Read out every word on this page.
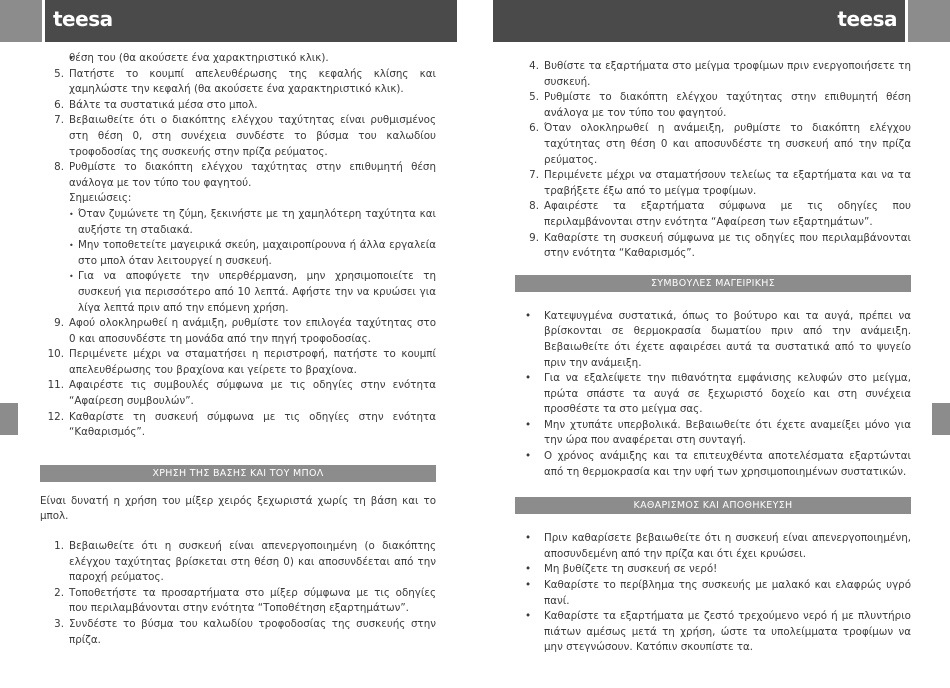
teesa	teesa
• θέση του (θα ακούσετε ένα χαρακτηριστικό κλικ).
5. Πατήστε το κουμπί απελευθέρωσης της κεφαλής κλίσης και χαμηλώστε την κεφαλή (θα ακούσετε ένα χαρακτηριστικό κλικ).
6. Βάλτε τα συστατικά μέσα στο μπολ.
7. Βεβαιωθείτε ότι ο διακόπτης ελέγχου ταχύτητας είναι ρυθμισμένος στη θέση 0, στη συνέχεια συνδέστε το βύσμα του καλωδίου τροφοδοσίας της συσκευής στην πρίζα ρεύματος.
8. Ρυθμίστε το διακόπτη ελέγχου ταχύτητας στην επιθυμητή θέση ανάλογα με τον τύπο του φαγητού.
Σημειώσεις:
• Όταν ζυμώνετε τη ζύμη, ξεκινήστε με τη χαμηλότερη ταχύτητα και αυξήστε τη σταδιακά.
• Μην τοποθετείτε μαγειρικά σκεύη, μαχαιροπίρουνα ή άλλα εργαλεία στο μπολ όταν λειτουργεί η συσκευή.
• Για να αποφύγετε την υπερθέρμανση, μην χρησιμοποιείτε τη συσκευή για περισσότερο από 10 λεπτά. Αφήστε την να κρυώσει για λίγα λεπτά πριν από την επόμενη χρήση.
9. Αφού ολοκληρωθεί η ανάμιξη, ρυθμίστε τον επιλογέα ταχύτητας στο 0 και αποσυνδέστε τη μονάδα από την πηγή τροφοδοσίας.
10. Περιμένετε μέχρι να σταματήσει η περιστροφή, πατήστε το κουμπί απελευθέρωσης του βραχίονα και γείρετε το βραχίονα.
11. Αφαιρέστε τις συμβουλές σύμφωνα με τις οδηγίες στην ενότητα “Αφαίρεση συμβουλών”.
12. Καθαρίστε τη συσκευή σύμφωνα με τις οδηγίες στην ενότητα “Καθαρισμός”.
ΧΡΗΣΗ ΤΗΣ ΒΑΣΗΣ ΚΑΙ ΤΟΥ ΜΠΟΛ
Είναι δυνατή η χρήση του μίξερ χειρός ξεχωριστά χωρίς τη βάση και το μπολ.
1. Βεβαιωθείτε ότι η συσκευή είναι απενεργοποιημένη (ο διακόπτης ελέγχου ταχύτητας βρίσκεται στη θέση 0) και αποσυνδέεται από την παροχή ρεύματος.
2. Τοποθετήστε τα προσαρτήματα στο μίξερ σύμφωνα με τις οδηγίες που περιλαμβάνονται στην ενότητα “Τοποθέτηση εξαρτημάτων”.
3. Συνδέστε το βύσμα του καλωδίου τροφοδοσίας της συσκευής στην πρίζα.
4. Βυθίστε τα εξαρτήματα στο μείγμα τροφίμων πριν ενεργοποιήσετε τη συσκευή.
5. Ρυθμίστε το διακόπτη ελέγχου ταχύτητας στην επιθυμητή θέση ανάλογα με τον τύπο του φαγητού.
6. Όταν ολοκληρωθεί η ανάμειξη, ρυθμίστε το διακόπτη ελέγχου ταχύτητας στη θέση 0 και αποσυνδέστε τη συσκευή από την πρίζα ρεύματος.
7. Περιμένετε μέχρι να σταματήσουν τελείως τα εξαρτήματα και να τα τραβήξετε έξω από το μείγμα τροφίμων.
8. Αφαιρέστε τα εξαρτήματα σύμφωνα με τις οδηγίες που περιλαμβάνονται στην ενότητα “Αφαίρεση των εξαρτημάτων”.
9. Καθαρίστε τη συσκευή σύμφωνα με τις οδηγίες που περιλαμβάνονται στην ενότητα “Καθαρισμός”.
ΣΥΜΒΟΥΛΕΣ ΜΑΓΕΙΡΙΚΗΣ
• Κατεψυγμένα συστατικά, όπως το βούτυρο και τα αυγά, πρέπει να βρίσκονται σε θερμοκρασία δωματίου πριν από την ανάμειξη. Βεβαιωθείτε ότι έχετε αφαιρέσει αυτά τα συστατικά από το ψυγείο πριν την ανάμειξη.
• Για να εξαλείψετε την πιθανότητα εμφάνισης κελυφών στο μείγμα, πρώτα σπάστε τα αυγά σε ξεχωριστό δοχείο και στη συνέχεια προσθέστε τα στο μείγμα σας.
• Μην χτυπάτε υπερβολικά. Βεβαιωθείτε ότι έχετε αναμείξει μόνο για την ώρα που αναφέρεται στη συνταγή.
• Ο χρόνος ανάμιξης και τα επιτευχθέντα αποτελέσματα εξαρτώνται από τη θερμοκρασία και την υφή των χρησιμοποιημένων συστατικών.
ΚΑΘΑΡΙΣΜΟΣ ΚΑΙ ΑΠΟΘΗΚΕΥΣΗ
• Πριν καθαρίσετε βεβαιωθείτε ότι η συσκευή είναι απενεργοποιημένη, αποσυνδεμένη από την πρίζα και ότι έχει κρυώσει.
• Μη βυθίζετε τη συσκευή σε νερό!
• Καθαρίστε το περίβλημα της συσκευής με μαλακό και ελαφρώς υγρό πανί.
• Καθαρίστε τα εξαρτήματα με ζεστό τρεχούμενο νερό ή με πλυντήριο πιάτων αμέσως μετά τη χρήση, ώστε τα υπολείμματα τροφίμων να μην στεγνώσουν. Κατόπιν σκουπίστε τα.
